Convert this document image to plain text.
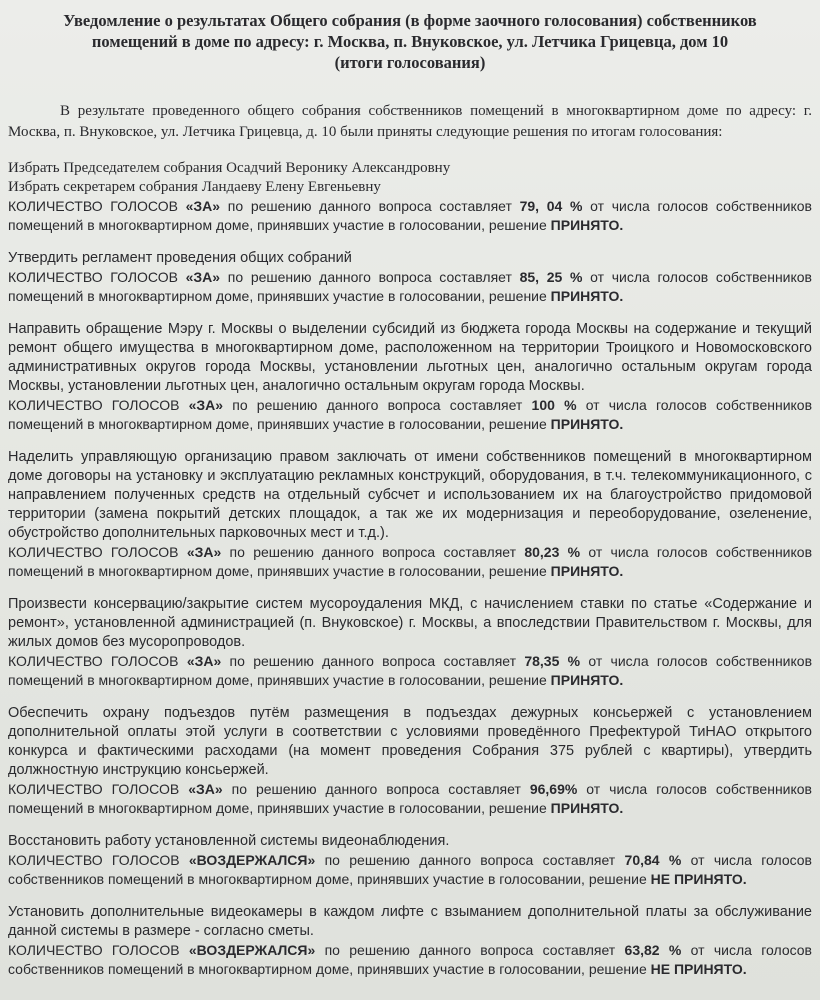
Уведомление о результатах Общего собрания (в форме заочного голосования) собственников
помещений в доме по адресу: г. Москва, п. Внуковское, ул. Летчика Грицевца, дом 10
(итоги голосования)
В результате проведенного общего собрания собственников помещений в многоквартирном доме по адресу: г. Москва, п. Внуковское, ул. Летчика Грицевца, д. 10 были приняты следующие решения по итогам голосования:
Избрать Председателем собрания Осадчий Веронику Александровну
Избрать секретарем собрания Ландаеву Елену Евгеньевну
КОЛИЧЕСТВО ГОЛОСОВ «ЗА» по решению данного вопроса составляет 79, 04 % от числа голосов собственников помещений в многоквартирном доме, принявших участие в голосовании, решение ПРИНЯТО.
Утвердить регламент проведения общих собраний
КОЛИЧЕСТВО ГОЛОСОВ «ЗА» по решению данного вопроса составляет 85, 25 % от числа голосов собственников помещений в многоквартирном доме, принявших участие в голосовании, решение ПРИНЯТО.
Направить обращение Мэру г. Москвы о выделении субсидий из бюджета города Москвы на содержание и текущий ремонт общего имущества в многоквартирном доме, расположенном на территории Троицкого и Новомосковского административных округов города Москвы, установлении льготных цен, аналогично остальным округам города Москвы, установлении льготных цен, аналогично остальным округам города Москвы.
КОЛИЧЕСТВО ГОЛОСОВ «ЗА» по решению данного вопроса составляет 100 % от числа голосов собственников помещений в многоквартирном доме, принявших участие в голосовании, решение ПРИНЯТО.
Наделить управляющую организацию правом заключать от имени собственников помещений в многоквартирном доме договоры на установку и эксплуатацию рекламных конструкций, оборудования, в т.ч. телекоммуникационного, с направлением полученных средств на отдельный субсчет и использованием их на благоустройство придомовой территории (замена покрытий детских площадок, а так же их модернизация и переоборудование, озеленение, обустройство дополнительных парковочных мест и т.д.).
КОЛИЧЕСТВО ГОЛОСОВ «ЗА» по решению данного вопроса составляет 80,23 % от числа голосов собственников помещений в многоквартирном доме, принявших участие в голосовании, решение ПРИНЯТО.
Произвести консервацию/закрытие систем мусороудаления МКД, с начислением ставки по статье «Содержание и ремонт», установленной администрацией (п. Внуковское) г. Москвы, а впоследствии Правительством г. Москвы, для жилых домов без мусоропроводов.
КОЛИЧЕСТВО ГОЛОСОВ «ЗА» по решению данного вопроса составляет 78,35 % от числа голосов собственников помещений в многоквартирном доме, принявших участие в голосовании, решение ПРИНЯТО.
Обеспечить охрану подъездов путём размещения в подъездах дежурных консьержей с установлением дополнительной оплаты этой услуги в соответствии с условиями проведённого Префектурой ТиНАО открытого конкурса и фактическими расходами (на момент проведения Собрания 375 рублей с квартиры), утвердить должностную инструкцию консьержей.
КОЛИЧЕСТВО ГОЛОСОВ «ЗА» по решению данного вопроса составляет 96,69% от числа голосов собственников помещений в многоквартирном доме, принявших участие в голосовании, решение ПРИНЯТО.
Восстановить работу установленной системы видеонаблюдения.
КОЛИЧЕСТВО ГОЛОСОВ «ВОЗДЕРЖАЛСЯ» по решению данного вопроса составляет 70,84 % от числа голосов собственников помещений в многоквартирном доме, принявших участие в голосовании, решение НЕ ПРИНЯТО.
Установить дополнительные видеокамеры в каждом лифте с взыманием дополнительной платы за обслуживание данной системы в размере - согласно сметы.
КОЛИЧЕСТВО ГОЛОСОВ «ВОЗДЕРЖАЛСЯ» по решению данного вопроса составляет 63,82 % от числа голосов собственников помещений в многоквартирном доме, принявших участие в голосовании, решение НЕ ПРИНЯТО.
